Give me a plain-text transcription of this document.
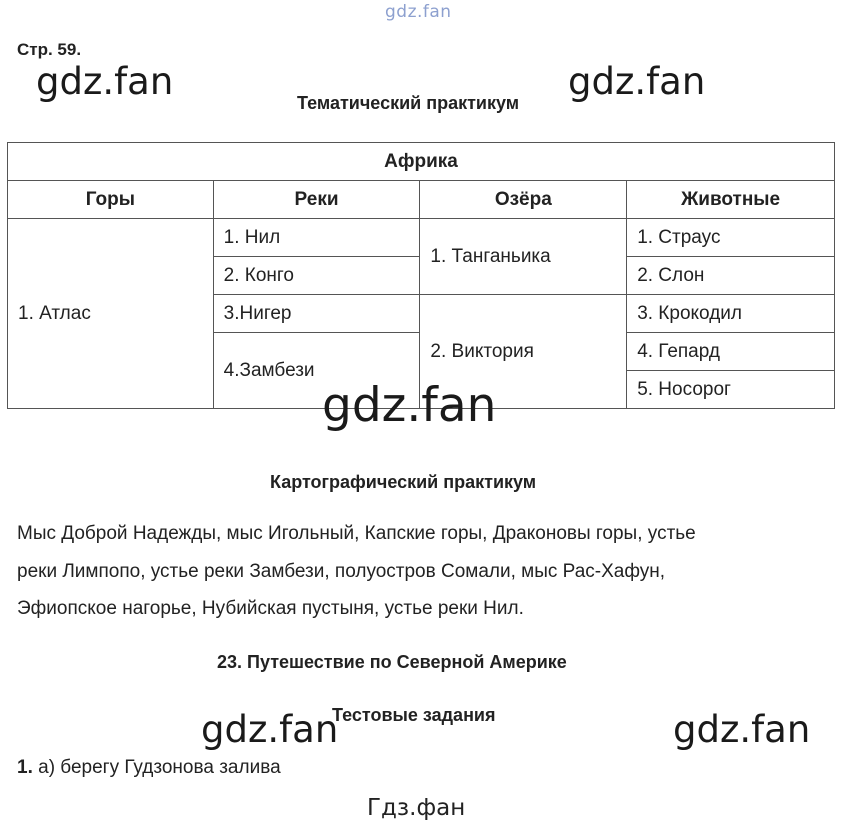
gdz.fan
Стр. 59.
gdz.fan	gdz.fan
Тематический практикум
Африка			
Горы	Реки	Озёра	Животные
1. Атлас	1. Нил	1. Танганьика	1. Страус
	2. Конго		2. Слон
	3.Нигер	2. Виктория	3. Крокодил
	4.Замбези		4. Гепард
			5. Носорог
gdz.fan
Картографический практикум
Мыс Доброй Надежды, мыс Игольный, Капские горы, Драконовы горы, устье
реки Лимпопо, устье реки Замбези, полуостров Сомали, мыс Рас-Хафун,
Эфиопское нагорье, Нубийская пустыня, устье реки Нил.
23. Путешествие по Северной Америке
Тестовые задания
gdz.fan	gdz.fan
1. а) берегу Гудзонова залива
Гдз.фан
